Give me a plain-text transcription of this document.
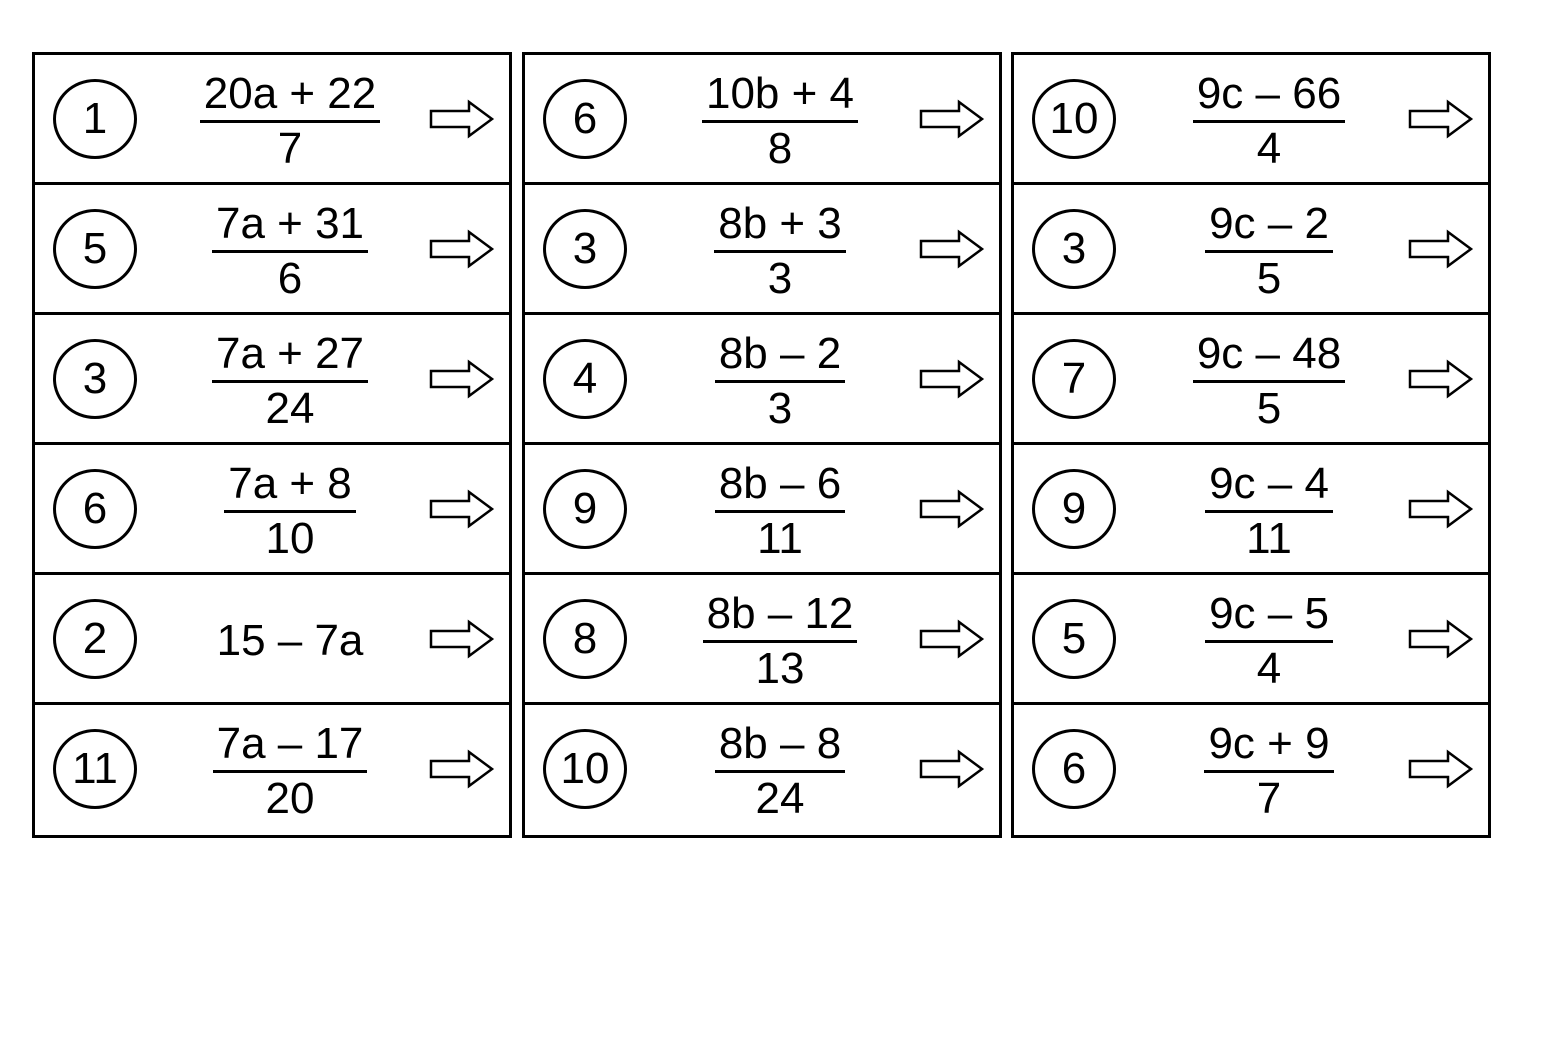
1	$\frac{20a + 22}{7}$
5	$\frac{7a + 31}{6}$
3	$\frac{7a + 27}{24}$
6	$\frac{7a + 8}{10}$
2	15 – 7a
11	$\frac{7a - 17}{20}$
6	$\frac{10b + 4}{8}$
3	$\frac{8b + 3}{3}$
4	$\frac{8b - 2}{3}$
9	$\frac{8b - 6}{11}$
8	$\frac{8b - 12}{13}$
10	$\frac{8b - 8}{24}$
10	$\frac{9c - 66}{4}$
3	$\frac{9c - 2}{5}$
7	$\frac{9c - 48}{5}$
9	$\frac{9c - 4}{11}$
5	$\frac{9c - 5}{4}$
6	$\frac{9c + 9}{7}$
